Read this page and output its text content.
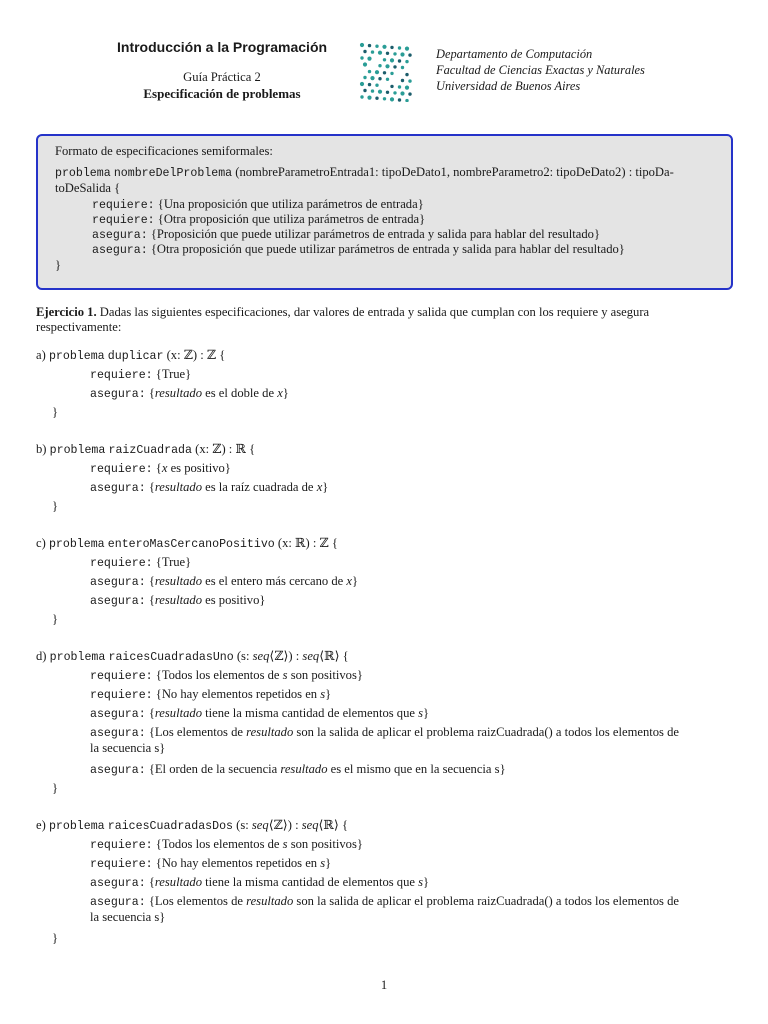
Introducción a la Programación
Guía Práctica 2
Especificación de problemas
Departamento de Computación
Facultad de Ciencias Exactas y Naturales
Universidad de Buenos Aires
Formato de especificaciones semiformales:
problema nombreDelProblema (nombreParametroEntrada1: tipoDeDato1, nombreParametro2: tipoDeDato2) : tipoDa-
toDeSalida {
requiere: {Una proposición que utiliza parámetros de entrada}
requiere: {Otra proposición que utiliza parámetros de entrada}
asegura: {Proposición que puede utilizar parámetros de entrada y salida para hablar del resultado}
asegura: {Otra proposición que puede utilizar parámetros de entrada y salida para hablar del resultado}
}
Ejercicio 1. Dadas las siguientes especificaciones, dar valores de entrada y salida que cumplan con los requiere y asegura
respectivamente:
a) problema duplicar (x: ℤ) : ℤ {
requiere: {True}
asegura: {resultado es el doble de x}
}
b) problema raizCuadrada (x: ℤ) : ℝ {
requiere: {x es positivo}
asegura: {resultado es la raíz cuadrada de x}
}
c) problema enteroMasCercanoPositivo (x: ℝ) : ℤ {
requiere: {True}
asegura: {resultado es el entero más cercano de x}
asegura: {resultado es positivo}
}
d) problema raicesCuadradasUno (s: seq⟨ℤ⟩) : seq⟨ℝ⟩ {
requiere: {Todos los elementos de s son positivos}
requiere: {No hay elementos repetidos en s}
asegura: {resultado tiene la misma cantidad de elementos que s}
asegura: {Los elementos de resultado son la salida de aplicar el problema raizCuadrada() a todos los elementos de
la secuencia s}
asegura: {El orden de la secuencia resultado es el mismo que en la secuencia s}
}
e) problema raicesCuadradasDos (s: seq⟨ℤ⟩) : seq⟨ℝ⟩ {
requiere: {Todos los elementos de s son positivos}
requiere: {No hay elementos repetidos en s}
asegura: {resultado tiene la misma cantidad de elementos que s}
asegura: {Los elementos de resultado son la salida de aplicar el problema raizCuadrada() a todos los elementos de
la secuencia s}
}
1
